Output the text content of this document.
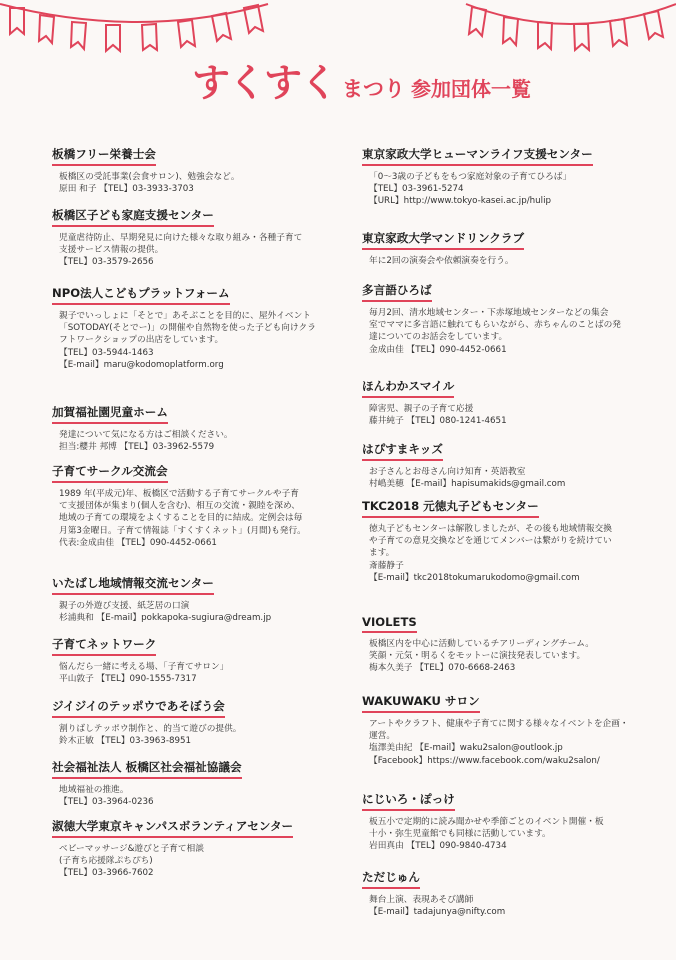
すくすく まつり 参加団体一覧
板橋フリー栄養士会
板橋区の受託事業(会食サロン)、勉強会など。
原田 和子 【TEL】03-3933-3703
板橋区子ども家庭支援センター
児童虐待防止、早期発見に向けた様々な取り組み・各種子育て
支援サービス情報の提供。
【TEL】03-3579-2656
NPO法人こどもプラットフォーム
親子でいっしょに「そとで」あそぶことを目的に、屋外イベント
「SOTODAY(そとでー)」の開催や自然物を使った子ども向けクラ
フトワークショップの出店をしています。
【TEL】03-5944-1463
【E-mail】maru@kodomoplatform.org
加賀福祉園児童ホーム
発達について気になる方はご相談ください。
担当:櫻井 邦博 【TEL】03-3962-5579
子育てサークル交流会
1989 年(平成元)年、板橋区で活動する子育てサークルや子育
て支援団体が集まり(個人を含む)、相互の交流・親睦を深め、
地域の子育ての環境をよくすることを目的に結成。定例会は毎
月第3金曜日。子育て情報誌「すくすくネット」(月間)も発行。
代表:金成由佳 【TEL】090-4452-0661
いたばし地域情報交流センター
親子の外遊び支援、紙芝居の口演
杉浦典和 【E-mail】pokkapoka-sugiura@dream.jp
子育てネットワーク
悩んだら一緒に考える場、「子育てサロン」
平山敦子 【TEL】090-1555-7317
ジイジイのテッポウであそぼう会
割りばしテッポウ制作と、的当て遊びの提供。
鈴木正敏 【TEL】03-3963-8951
社会福祉法人 板橋区社会福祉協議会
地域福祉の推進。
【TEL】03-3964-0236
淑徳大学東京キャンパスボランティアセンター
ベビーマッサージ&遊びと子育て相談
(子育ち応援隊ぷちぴち)
【TEL】03-3966-7602
東京家政大学ヒューマンライフ支援センター
「0～3歳の子どもをもつ家庭対象の子育てひろば」
【TEL】03-3961-5274
【URL】http://www.tokyo-kasei.ac.jp/hulip
東京家政大学マンドリンクラブ
年に2回の演奏会や依頼演奏を行う。
多言語ひろば
毎月2回、清水地域センター・下赤塚地域センターなどの集会
室でママに多言語に触れてもらいながら、赤ちゃんのことばの発
達についてのお話会をしています。
金成由佳 【TEL】090-4452-0661
ほんわかスマイル
障害児、親子の子育て応援
藤井純子 【TEL】080-1241-4651
はぴすまキッズ
お子さんとお母さん向け知育・英語教室
村嶋美穂 【E-mail】hapisumakids@gmail.com
TKC2018 元徳丸子どもセンター
徳丸子どもセンターは解散しましたが、その後も地域情報交換
や子育ての意見交換などを通じてメンバーは繋がりを続けてい
ます。
斎藤静子
【E-mail】tkc2018tokumarukodomo@gmail.com
VIOLETS
板橋区内を中心に活動しているチアリーディングチーム。
笑顔・元気・明るくをモットーに演技発表しています。
梅本久美子 【TEL】070-6668-2463
WAKUWAKU サロン
アートやクラフト、健康や子育てに関する様々なイベントを企画・
運営。
塩澤美由紀 【E-mail】waku2salon@outlook.jp
【Facebook】https://www.facebook.com/waku2salon/
にじいろ・ぽっけ
板五小で定期的に読み聞かせや季節ごとのイベント開催・板
十小・弥生児童館でも同様に活動しています。
岩田真由 【TEL】090-9840-4734
ただじゅん
舞台上演、表現あそび講師
【E-mail】tadajunya@nifty.com
